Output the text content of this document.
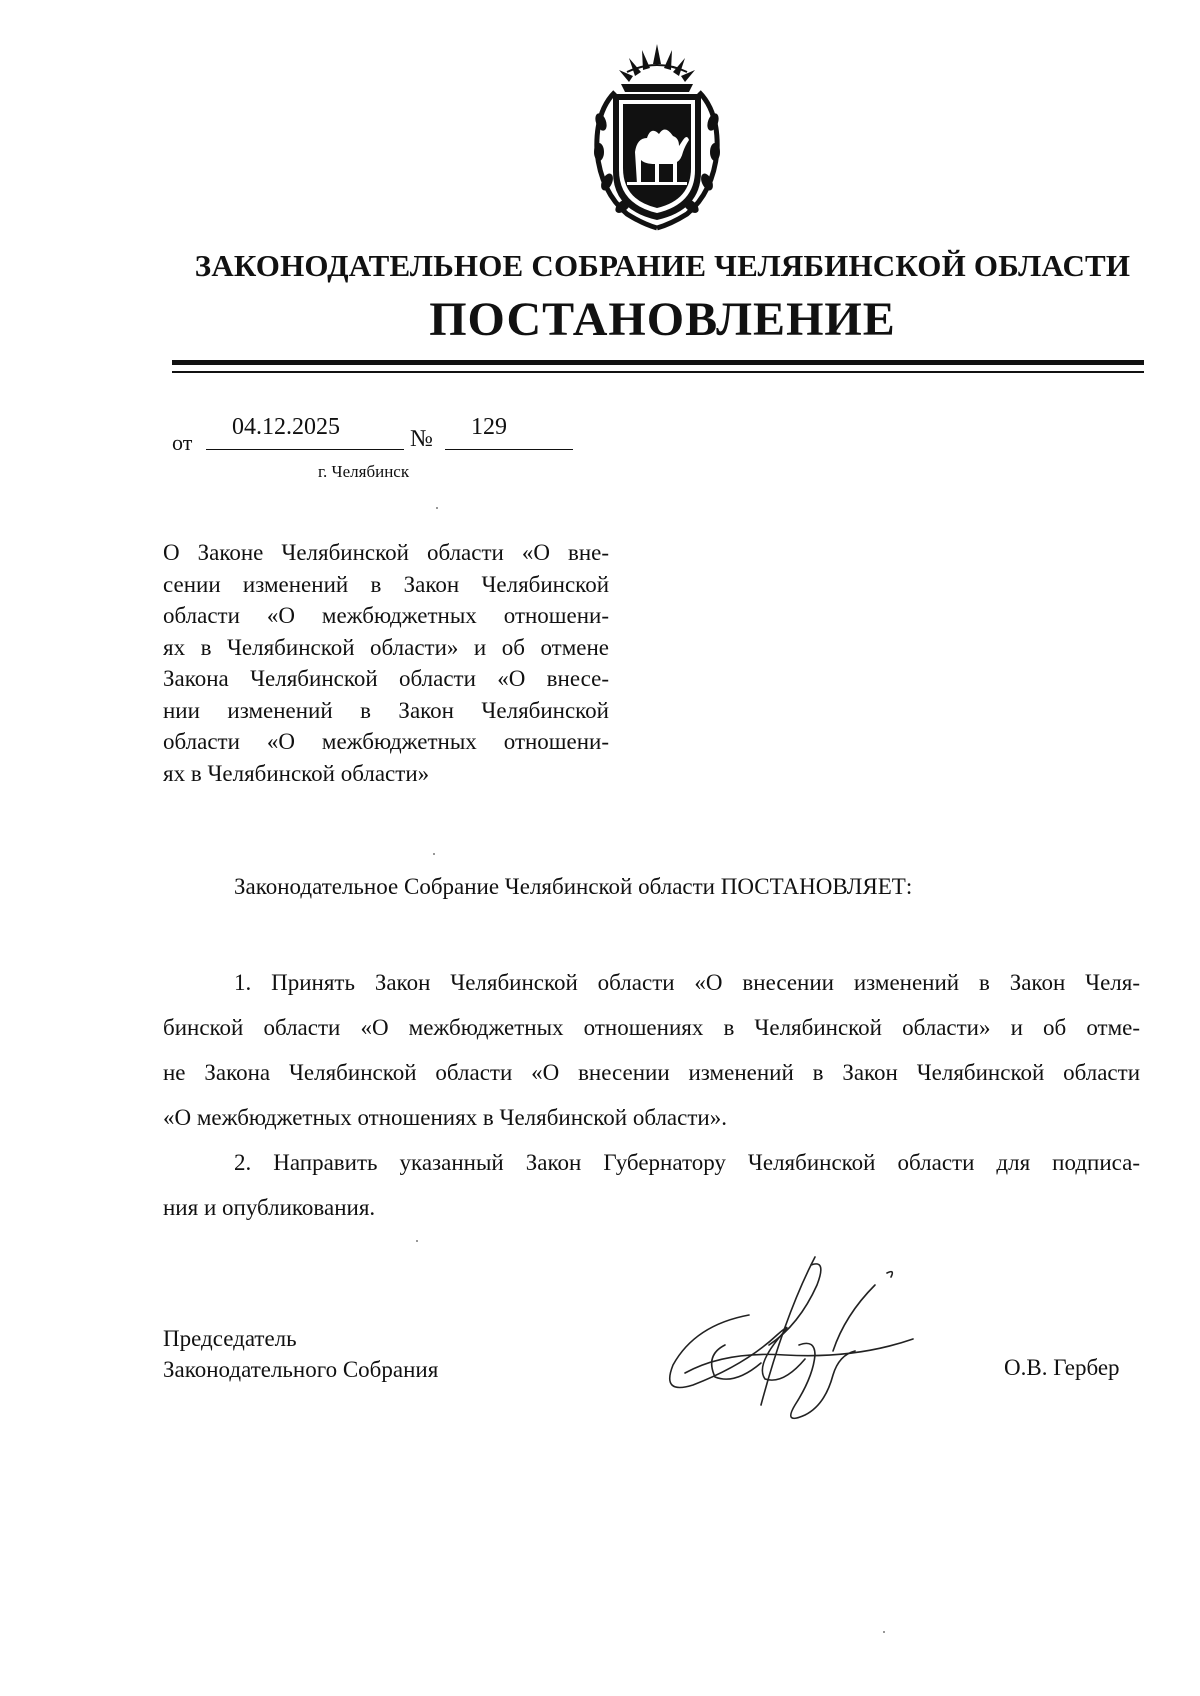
ЗАКОНОДАТЕЛЬНОЕ СОБРАНИЕ ЧЕЛЯБИНСКОЙ ОБЛАСТИ
ПОСТАНОВЛЕНИЕ
от
04.12.2025	№ 129
г. Челябинск
О Законе Челябинской области «О вне-
сении изменений в Закон Челябинской
области «О межбюджетных отношени-
ях в Челябинской области» и об отмене
Закона Челябинской области «О внесе-
нии изменений в Закон Челябинской
области «О межбюджетных отношени-
ях в Челябинской области»
Законодательное Собрание Челябинской области ПОСТАНОВЛЯЕТ:
1. Принять Закон Челябинской области «О внесении изменений в Закон Челя-
бинской области «О межбюджетных отношениях в Челябинской области» и об отме-
не Закона Челябинской области «О внесении изменений в Закон Челябинской области
«О межбюджетных отношениях в Челябинской области».
2. Направить указанный Закон Губернатору Челябинской области для подписа-
ния и опубликования.
Председатель
Законодательного Собрания	О.В. Гербер
